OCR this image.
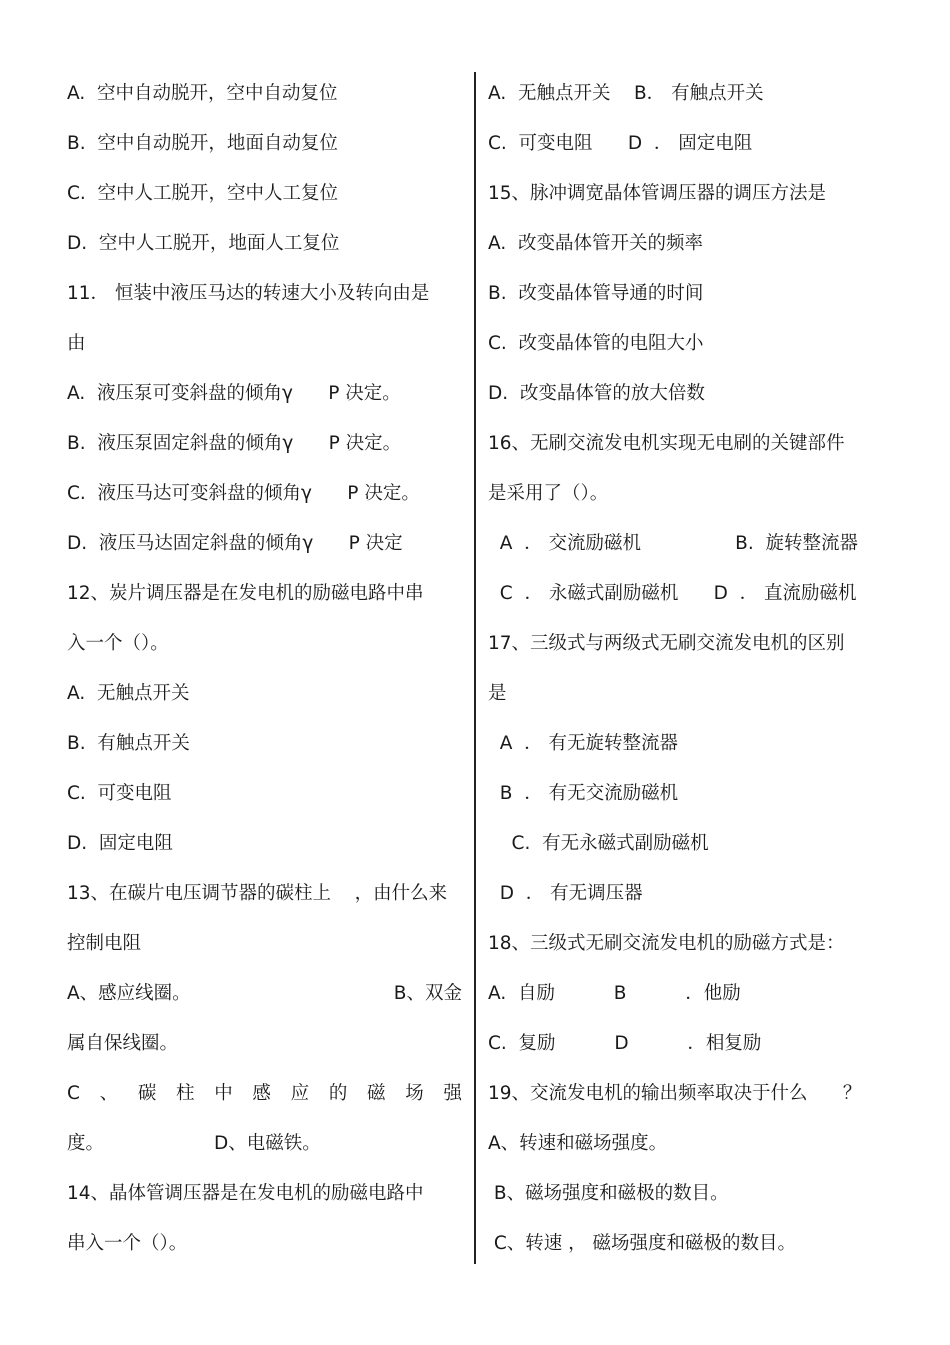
A.  空中自动脱开，空中自动复位
B.  空中自动脱开，地面自动复位
C.  空中人工脱开，空中人工复位
D.  空中人工脱开，地面人工复位
11． 恒装中液压马达的转速大小及转向由是
由
A.  液压泵可变斜盘的倾角γ      P 决定。
B.  液压泵固定斜盘的倾角γ      P 决定。
C.  液压马达可变斜盘的倾角γ      P 决定。
D.  液压马达固定斜盘的倾角γ      P 决定
12、炭片调压器是在发电机的励磁电路中串
入一个（）。
A.  无触点开关
B.  有触点开关
C.  可变电阻
D.  固定电阻
13、在碳片电压调节器的碳柱上    ，由什么来
控制电阻
A、感应线圈。	B、双金
属自保线圈。
C 、 碳 柱 中 感 应 的 磁 场 强
度。	D、电磁铁。
14、晶体管调压器是在发电机的励磁电路中
串入一个（）。
A.  无触点开关    B． 有触点开关
C.  可变电阻      D  ． 固定电阻
15、脉冲调宽晶体管调压器的调压方法是
A.  改变晶体管开关的频率
B.  改变晶体管导通的时间
C.  改变晶体管的电阻大小
D.  改变晶体管的放大倍数
16、无刷交流发电机实现无电刷的关键部件
是采用了（）。
A  ． 交流励磁机                B.  旋转整流器
C  ． 永磁式副励磁机      D  ． 直流励磁机
17、三级式与两级式无刷交流发电机的区别
是
A  ． 有无旋转整流器
B  ． 有无交流励磁机
C.  有无永磁式副励磁机
D  ． 有无调压器
18、三级式无刷交流发电机的励磁方式是：
A.  自励          B          ．他励
C.  复励          D          ．相复励
19、交流发电机的输出频率取决于什么      ？
A、转速和磁场强度。
B、磁场强度和磁极的数目。
C、转速 ， 磁场强度和磁极的数目。
